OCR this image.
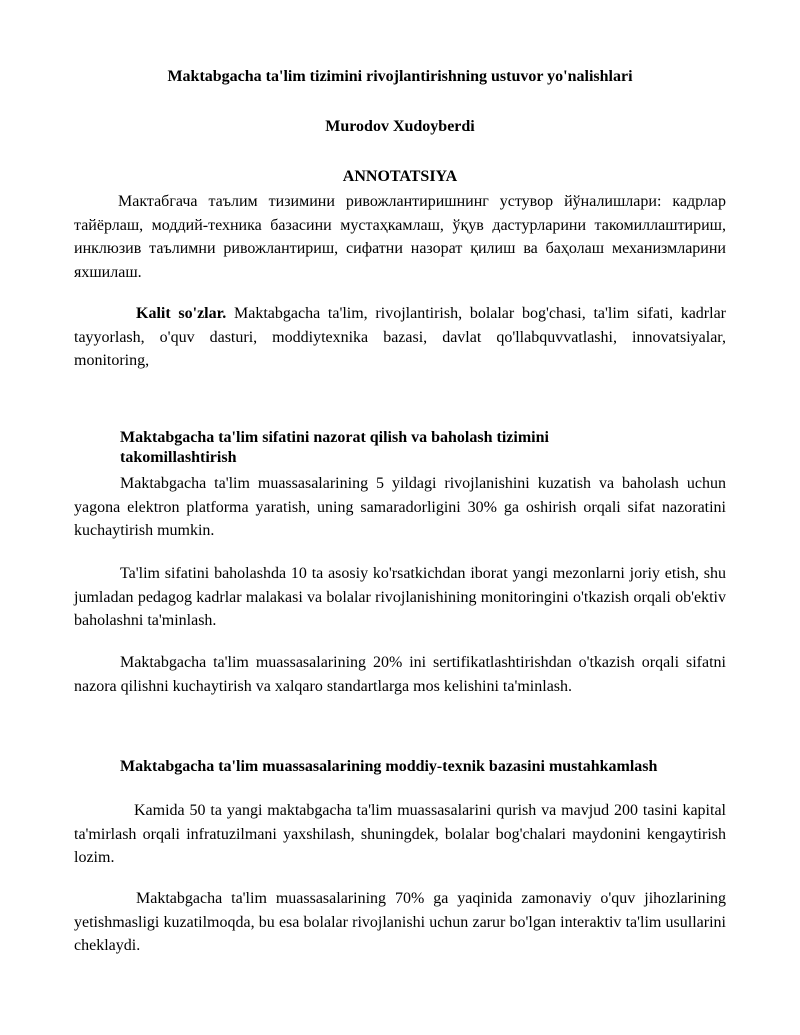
Maktabgacha ta'lim tizimini rivojlantirishning ustuvor yo'nalishlari
Murodov Xudoyberdi
ANNOTATSIYA
Мактабгача таълим тизимини ривожлантиришнинг устувор йўналишлари: кадрлар тайёрлаш, моддий-техника базасини мустаҳкамлаш, ўқув дастурларини такомиллаштириш, инклюзив таълимни ривожлантириш, сифатни назорат қилиш ва баҳолаш механизмларини яхшилаш.
Kalit so'zlar. Maktabgacha ta'lim, rivojlantirish, bolalar bog'chasi, ta'lim sifati, kadrlar tayyorlash, o'quv dasturi, moddiytexnika bazasi, davlat qo'llabquvvatlashi, innovatsiyalar, monitoring,
Maktabgacha ta'lim sifatini nazorat qilish va baholash tizimini takomillashtirish
Maktabgacha ta'lim muassasalarining 5 yildagi rivojlanishini kuzatish va baholash uchun yagona elektron platforma yaratish, uning samaradorligini 30% ga oshirish orqali sifat nazoratini kuchaytirish mumkin.
Ta'lim sifatini baholashda 10 ta asosiy ko'rsatkichdan iborat yangi mezonlarni joriy etish, shu jumladan pedagog kadrlar malakasi va bolalar rivojlanishining monitoringini o'tkazish orqali ob'ektiv baholashni ta'minlash.
Maktabgacha ta'lim muassasalarining 20% ini sertifikatlashtirishdan o'tkazish orqali sifatni nazora qilishni kuchaytirish va xalqaro standartlarga mos kelishini ta'minlash.
Maktabgacha ta'lim muassasalarining moddiy-texnik bazasini mustahkamlash
Kamida 50 ta yangi maktabgacha ta'lim muassasalarini qurish va mavjud 200 tasini kapital ta'mirlash orqali infratuzilmani yaxshilash, shuningdek, bolalar bog'chalari maydonini kengaytirish lozim.
Maktabgacha ta'lim muassasalarining 70% ga yaqinida zamonaviy o'quv jihozlarining yetishmasligi kuzatilmoqda, bu esa bolalar rivojlanishi uchun zarur bo'lgan interaktiv ta'lim usullarini cheklaydi.
